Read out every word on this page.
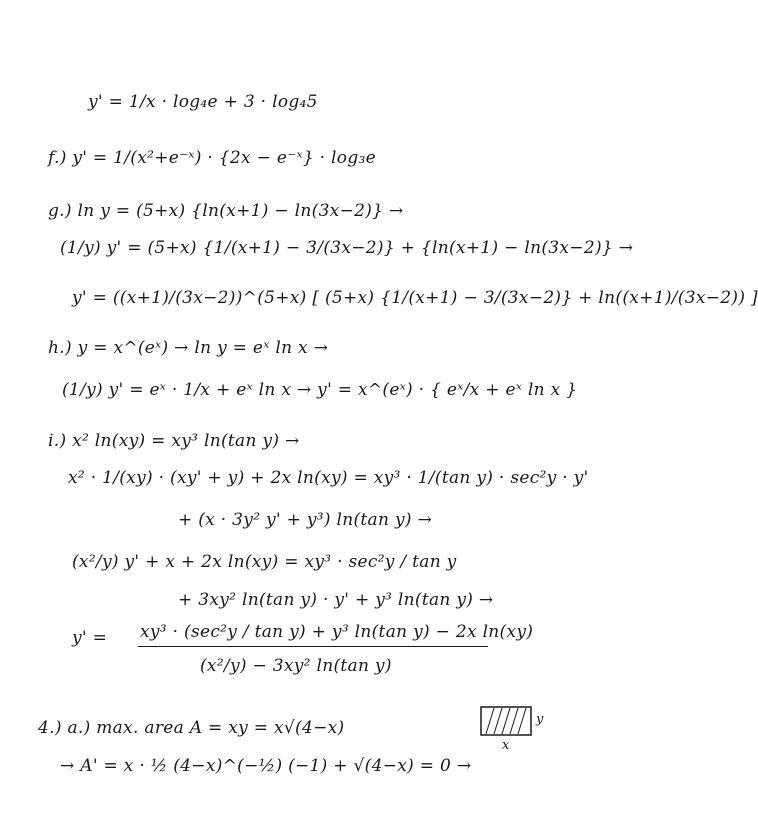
y' = 1/x · log₄e + 3 · log₄5
f.) y' = 1/(x²+e⁻ˣ) · {2x − e⁻ˣ} · log₃e
g.) ln y = (5+x) {ln(x+1) − ln(3x−2)} →
(1/y) y' = (5+x) {1/(x+1) − 3/(3x−2)} + {ln(x+1) − ln(3x−2)} →
y' = ((x+1)/(3x−2))^(5+x) [ (5+x) {1/(x+1) − 3/(3x−2)} + ln((x+1)/(3x−2)) ]
h.) y = x^(eˣ) → ln y = eˣ ln x →
(1/y) y' = eˣ · 1/x + eˣ ln x → y' = x^(eˣ) · { eˣ/x + eˣ ln x }
i.) x² ln(xy) = xy³ ln(tan y) →
x² · 1/(xy) · (xy' + y) + 2x ln(xy) = xy³ · 1/(tan y) · sec²y · y'
+ (x · 3y² y' + y³) ln(tan y) →
(x²/y) y' + x + 2x ln(xy) = xy³ · sec²y / tan y
+ 3xy² ln(tan y) · y' + y³ ln(tan y) →
y' = xy³ · (sec²y / tan y) + y³ ln(tan y) − 2x ln(xy)
(x²/y) − 3xy² ln(tan y)
4.) a.) max. area A = xy = x√(4−x)
→ A' = x · ½ (4−x)^(−½) (−1) + √(4−x) = 0 →
y
x
